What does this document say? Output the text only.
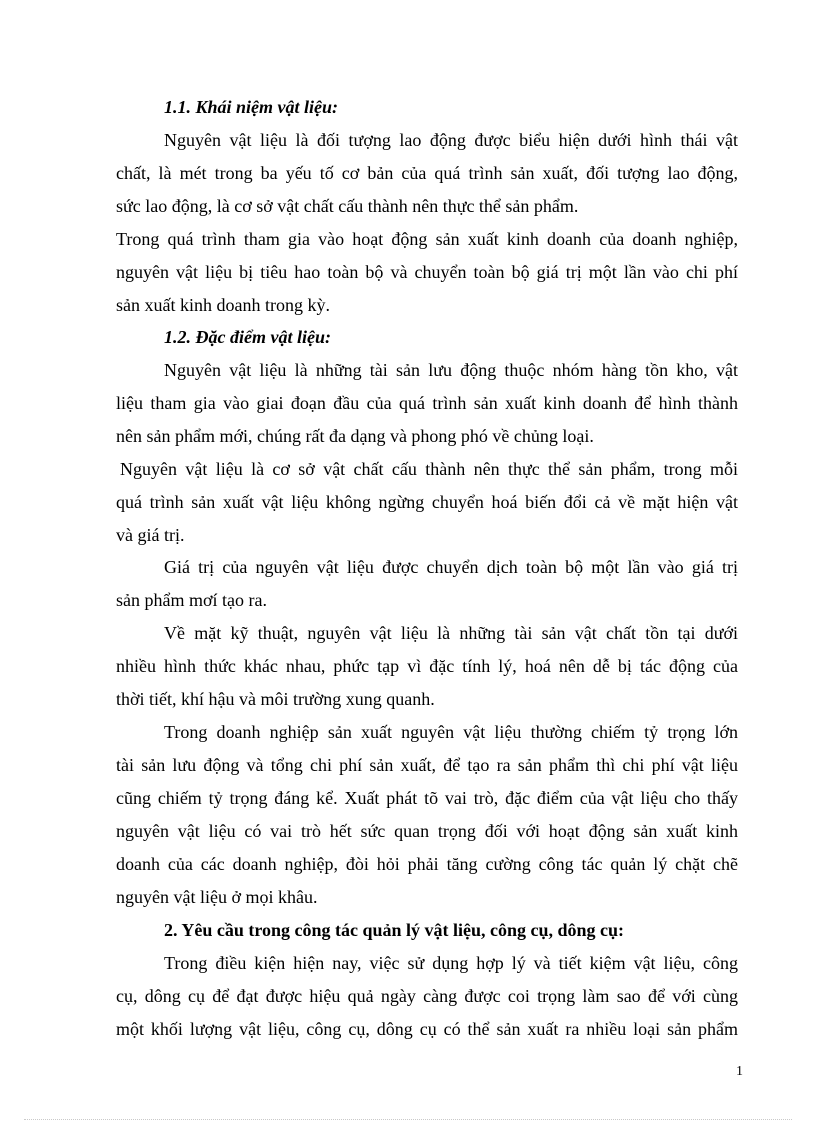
1.1. Khái niệm vật liệu:
Nguyên vật liệu là đối tượng lao động được biểu hiện dưới hình thái vật
chất, là mét trong ba yếu tố cơ bản của quá trình sản xuất, đối tượng lao động,
sức lao động, là cơ sở vật chất cấu thành nên thực thể sản phẩm.
Trong quá trình tham gia vào hoạt động sản xuất kinh doanh của doanh nghiệp,
nguyên vật liệu bị tiêu hao toàn bộ và chuyển toàn bộ giá trị một lần vào chi phí
sản xuất kinh doanh trong kỳ.
1.2. Đặc điểm vật liệu:
Nguyên vật liệu là những tài sản lưu động thuộc nhóm hàng tồn kho, vật
liệu tham gia vào giai đoạn đầu của quá trình sản xuất kinh doanh để hình thành
nên sản phẩm mới, chúng rất đa dạng và phong phó về chủng loại.
Nguyên vật liệu là cơ sở vật chất cấu thành nên thực thể sản phẩm, trong mỗi
quá trình sản xuất vật liệu không ngừng chuyển hoá biến đổi cả về mặt hiện vật
và giá trị.
Giá trị của nguyên vật liệu được chuyển dịch toàn bộ một lần vào giá trị
sản phẩm mơí tạo ra.
Về mặt kỹ thuật, nguyên vật liệu là những tài sản vật chất tồn tại dưới
nhiều hình thức khác nhau, phức tạp vì đặc tính lý, hoá nên dễ bị tác động của
thời tiết, khí hậu và môi trường xung quanh.
Trong doanh nghiệp sản xuất nguyên vật liệu thường chiếm tỷ trọng lớn
tài sản lưu động và tổng chi phí sản xuất, để tạo ra sản phẩm thì chi phí vật liệu
cũng chiếm tỷ trọng đáng kể. Xuất phát tõ vai trò, đặc điểm của vật liệu cho thấy
nguyên vật liệu có vai trò hết sức quan trọng đối với hoạt động sản xuất kinh
doanh của các doanh nghiệp, đòi hỏi phải tăng cường công tác quản lý chặt chẽ
nguyên vật liệu ở mọi khâu.
2. Yêu cầu trong công tác quản lý vật liệu, công cụ, dông cụ:
Trong điều kiện hiện nay, việc sử dụng hợp lý và tiết kiệm vật liệu, công
cụ, dông cụ để đạt được hiệu quả ngày càng được coi trọng làm sao để với cùng
một khối lượng vật liệu, công cụ, dông cụ có thể sản xuất ra nhiều loại sản phẩm
1
